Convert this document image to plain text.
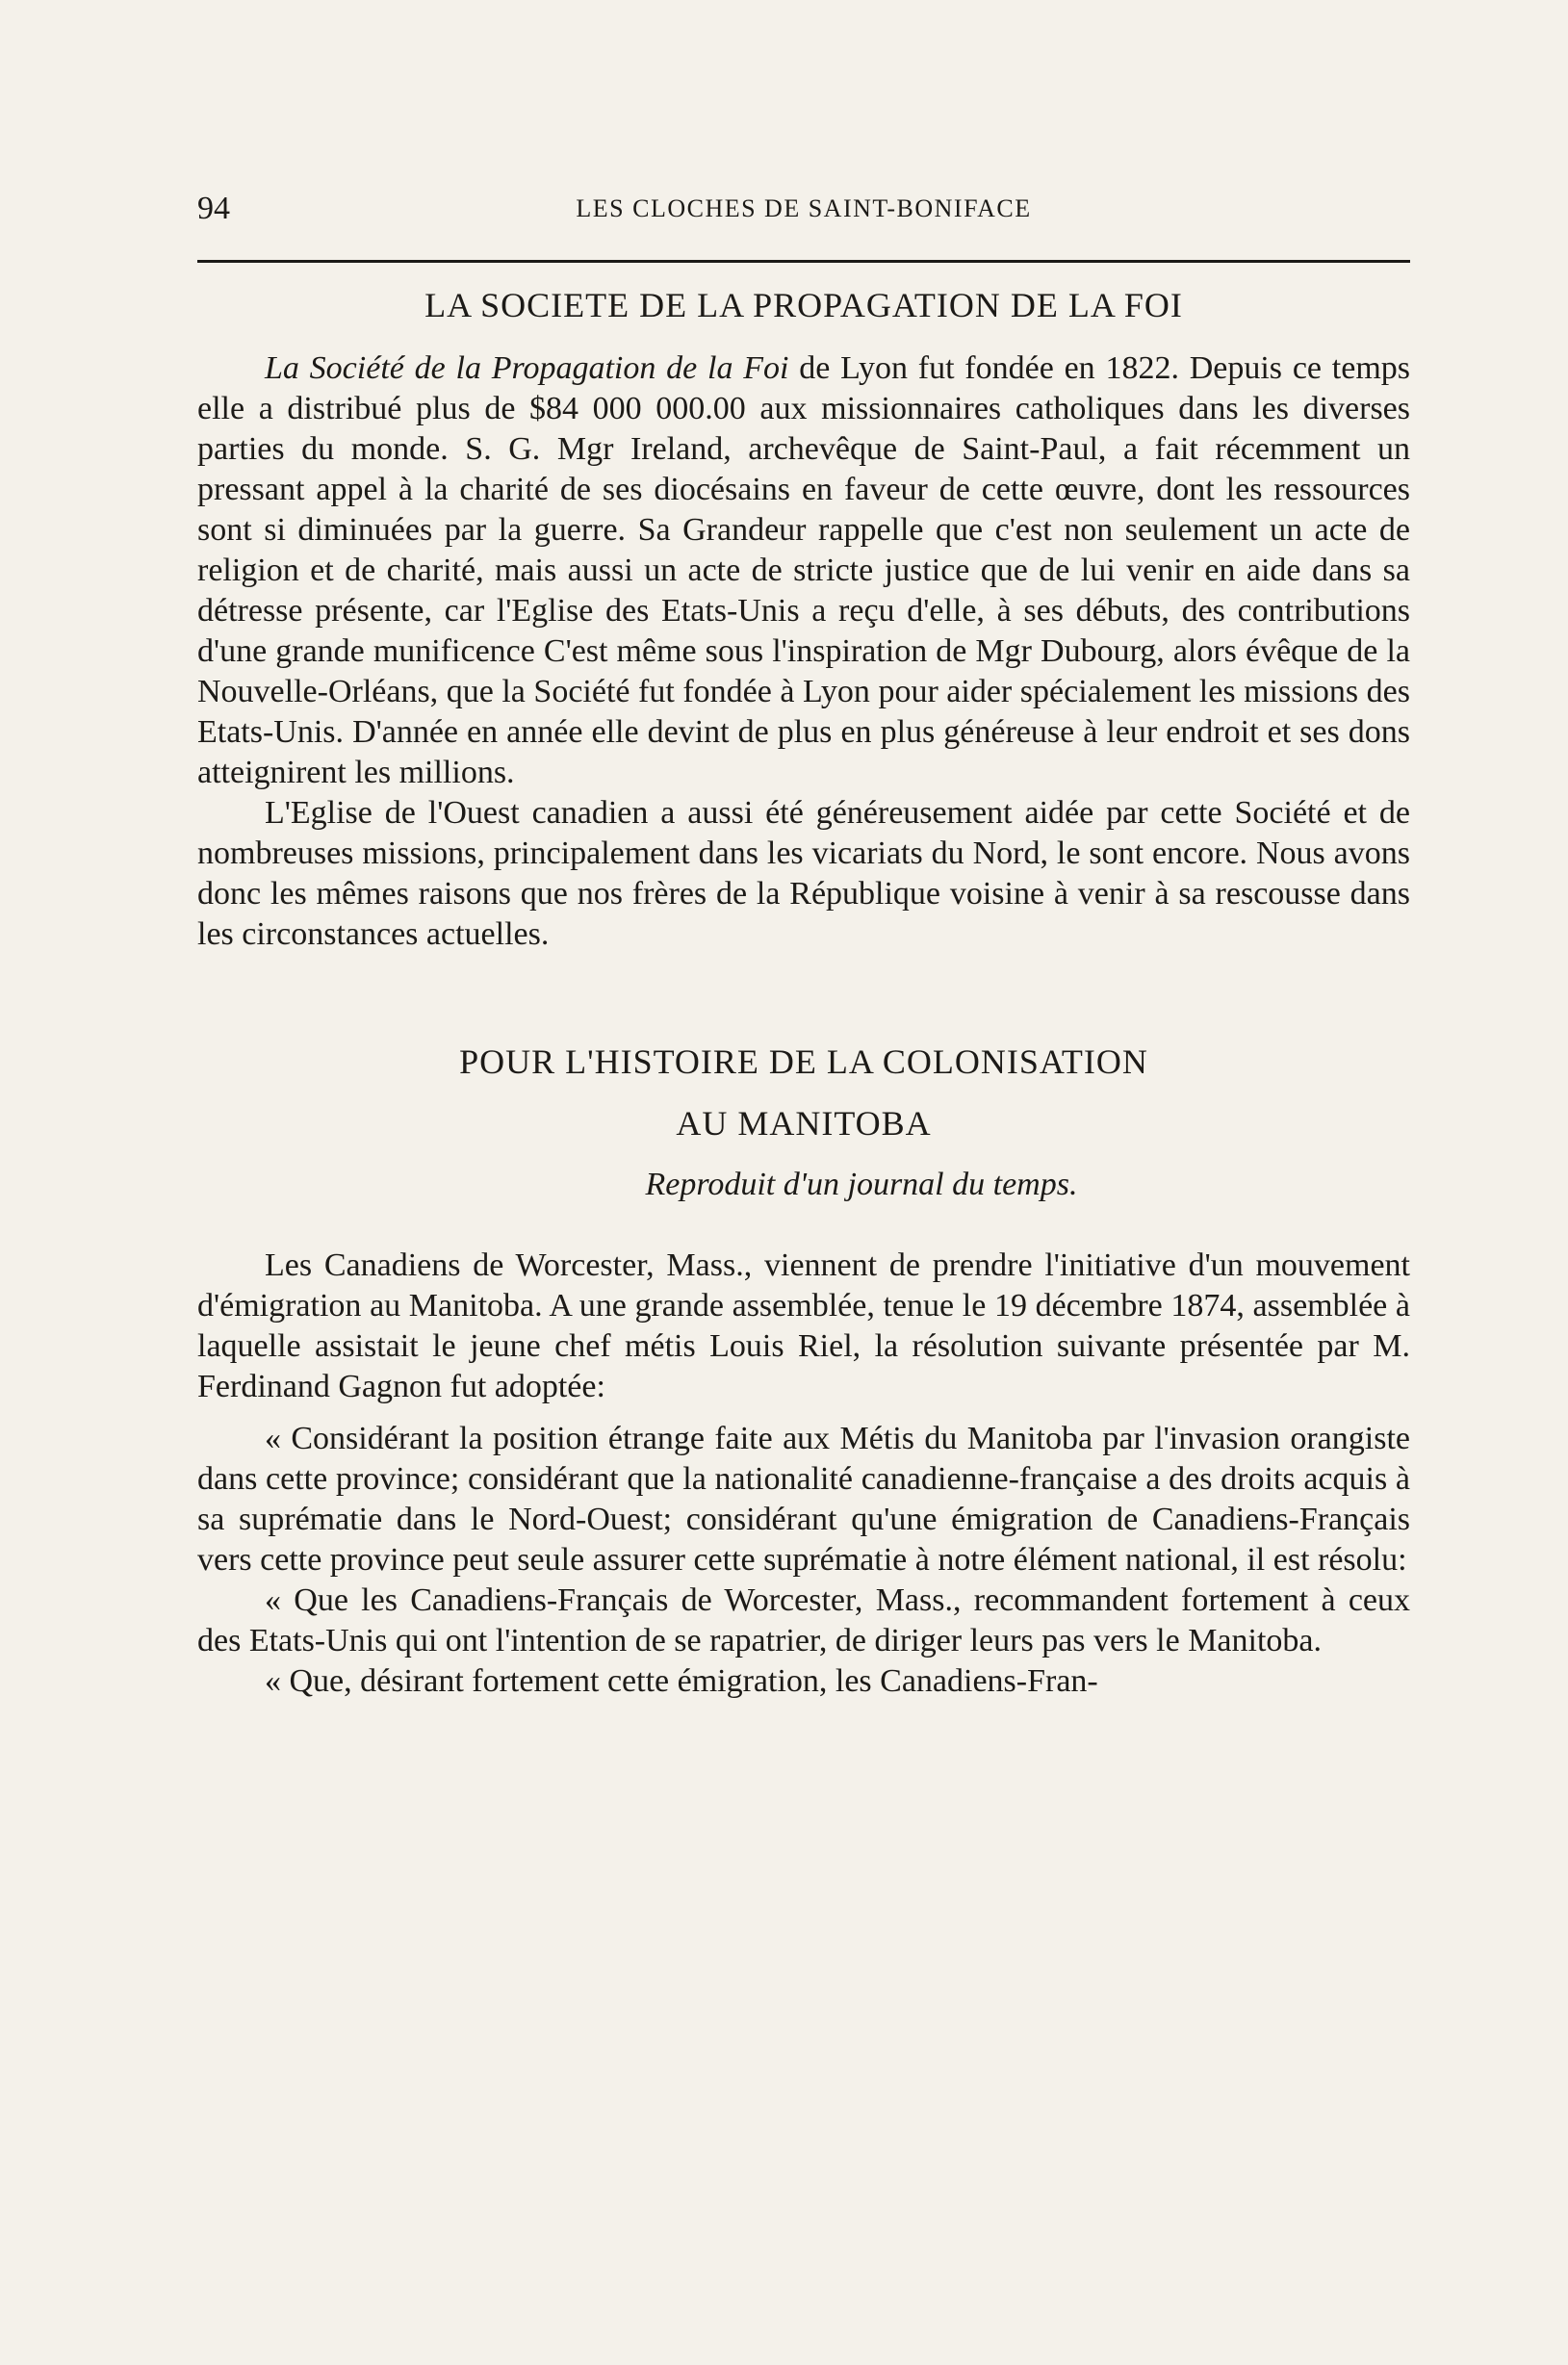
94	LES CLOCHES DE SAINT-BONIFACE
LA SOCIETE DE LA PROPAGATION DE LA FOI

La Société de la Propagation de la Foi de Lyon fut fondée en 1822. Depuis ce temps elle a distribué plus de $84 000 000.00 aux missionnaires catholiques dans les diverses parties du monde. S. G. Mgr Ireland, archevêque de Saint-Paul, a fait récemment un pressant appel à la charité de ses diocésains en faveur de cette œuvre, dont les ressources sont si diminuées par la guerre. Sa Grandeur rappelle que c'est non seulement un acte de religion et de charité, mais aussi un acte de stricte justice que de lui venir en aide dans sa détresse présente, car l'Eglise des Etats-Unis a reçu d'elle, à ses débuts, des contributions d'une grande munificence C'est même sous l'inspiration de Mgr Dubourg, alors évêque de la Nouvelle-Orléans, que la Société fut fondée à Lyon pour aider spécialement les missions des Etats-Unis. D'année en année elle devint de plus en plus généreuse à leur endroit et ses dons atteignirent les millions.

L'Eglise de l'Ouest canadien a aussi été généreusement aidée par cette Société et de nombreuses missions, principalement dans les vicariats du Nord, le sont encore. Nous avons donc les mêmes raisons que nos frères de la République voisine à venir à sa rescousse dans les circonstances actuelles.

POUR L'HISTOIRE DE LA COLONISATION
AU MANITOBA
Reproduit d'un journal du temps.

Les Canadiens de Worcester, Mass., viennent de prendre l'initiative d'un mouvement d'émigration au Manitoba. A une grande assemblée, tenue le 19 décembre 1874, assemblée à laquelle assistait le jeune chef métis Louis Riel, la résolution suivante présentée par M. Ferdinand Gagnon fut adoptée:

« Considérant la position étrange faite aux Métis du Manitoba par l'invasion orangiste dans cette province; considérant que la nationalité canadienne-française a des droits acquis à sa suprématie dans le Nord-Ouest; considérant qu'une émigration de Canadiens-Français vers cette province peut seule assurer cette suprématie à notre élément national, il est résolu:

« Que les Canadiens-Français de Worcester, Mass., recommandent fortement à ceux des Etats-Unis qui ont l'intention de se rapatrier, de diriger leurs pas vers le Manitoba.

« Que, désirant fortement cette émigration, les Canadiens-Fran-
